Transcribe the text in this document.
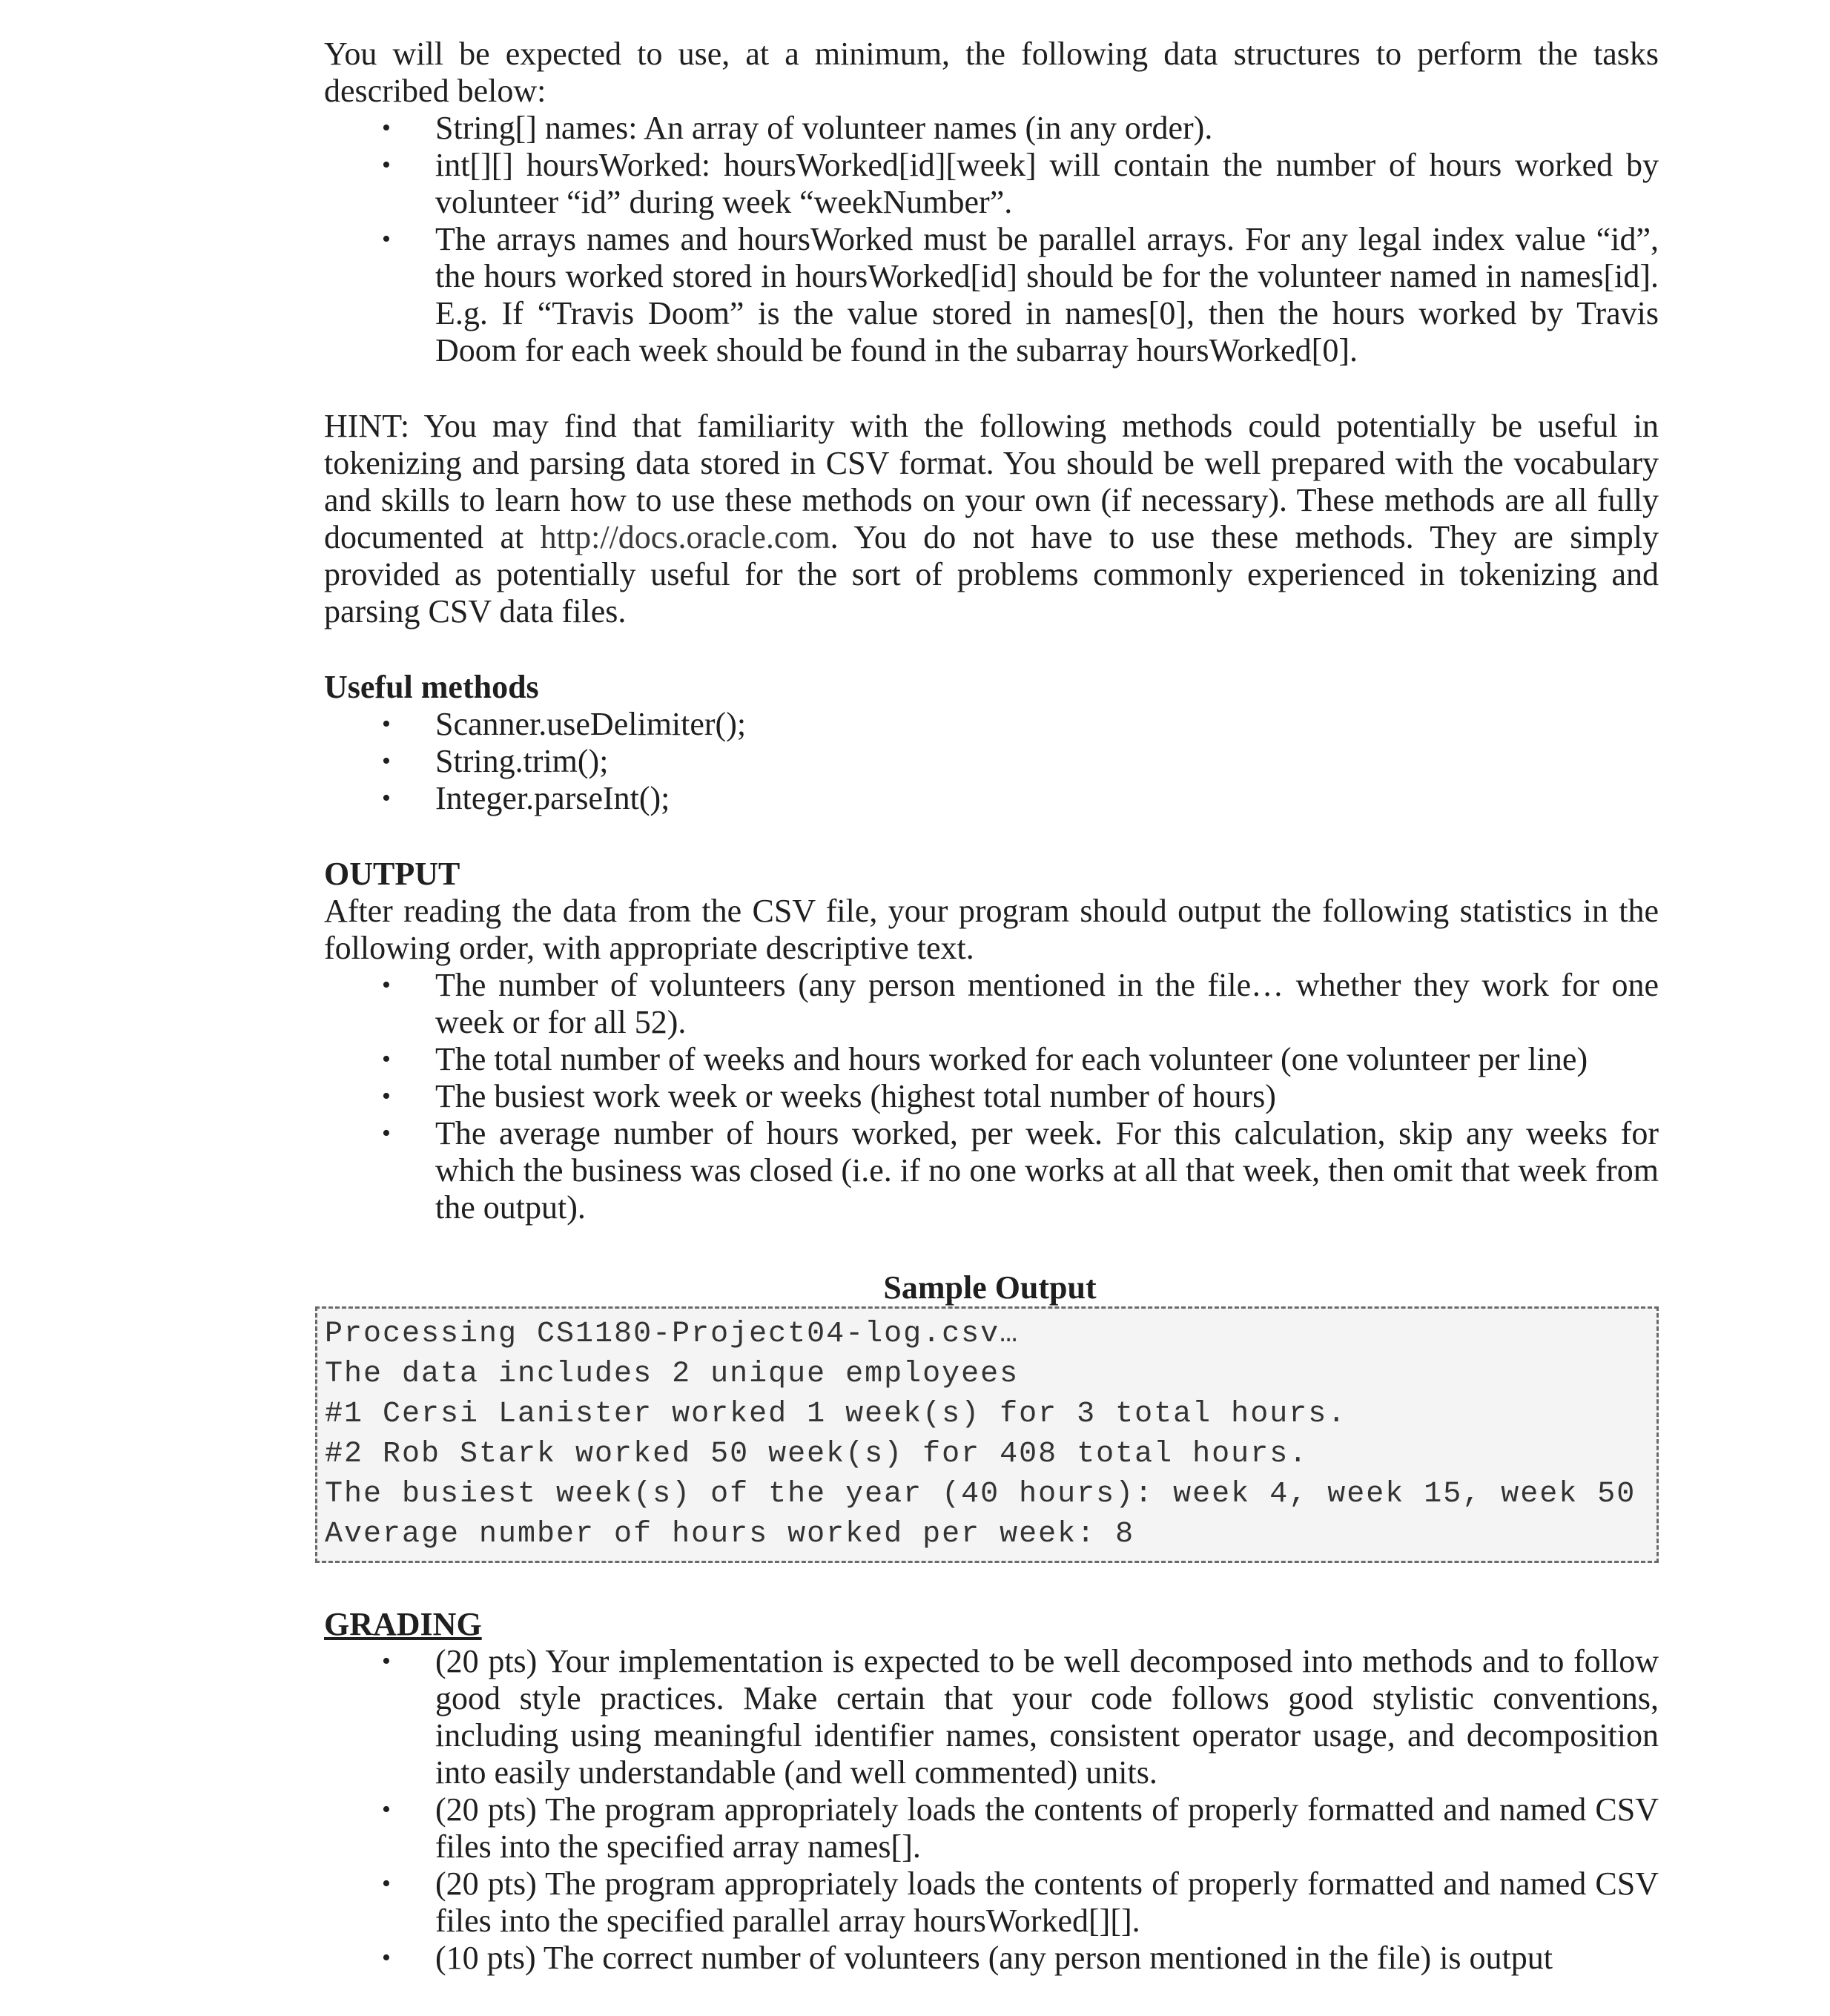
You will be expected to use, at a minimum, the following data structures to perform the tasks described below:

• String[] names: An array of volunteer names (in any order).
• int[][] hoursWorked: hoursWorked[id][week] will contain the number of hours worked by volunteer “id” during week “weekNumber”.
• The arrays names and hoursWorked must be parallel arrays. For any legal index value “id”, the hours worked stored in hoursWorked[id] should be for the volunteer named in names[id]. E.g. If “Travis Doom” is the value stored in names[0], then the hours worked by Travis Doom for each week should be found in the subarray hoursWorked[0].

HINT: You may find that familiarity with the following methods could potentially be useful in tokenizing and parsing data stored in CSV format. You should be well prepared with the vocabulary and skills to learn how to use these methods on your own (if necessary). These methods are all fully documented at http://docs.oracle.com. You do not have to use these methods. They are simply provided as potentially useful for the sort of problems commonly experienced in tokenizing and parsing CSV data files.

Useful methods

• Scanner.useDelimiter();
• String.trim();
• Integer.parseInt();

OUTPUT

After reading the data from the CSV file, your program should output the following statistics in the following order, with appropriate descriptive text.

• The number of volunteers (any person mentioned in the file… whether they work for one week or for all 52).
• The total number of weeks and hours worked for each volunteer (one volunteer per line)
• The busiest work week or weeks (highest total number of hours)
• The average number of hours worked, per week. For this calculation, skip any weeks for which the business was closed (i.e. if no one works at all that week, then omit that week from the output).
Sample Output
Processing CS1180-Project04-log.csv…
The data includes 2 unique employees
#1 Cersi Lanister worked 1 week(s) for 3 total hours.
#2 Rob Stark worked 50 week(s) for 408 total hours.
The busiest week(s) of the year (40 hours): week 4, week 15, week 50
Average number of hours worked per week: 8

GRADING

• (20 pts) Your implementation is expected to be well decomposed into methods and to follow good style practices. Make certain that your code follows good stylistic conventions, including using meaningful identifier names, consistent operator usage, and decomposition into easily understandable (and well commented) units.
• (20 pts) The program appropriately loads the contents of properly formatted and named CSV files into the specified array names[].
• (20 pts) The program appropriately loads the contents of properly formatted and named CSV files into the specified parallel array hoursWorked[][].
• (10 pts) The correct number of volunteers (any person mentioned in the file) is output
